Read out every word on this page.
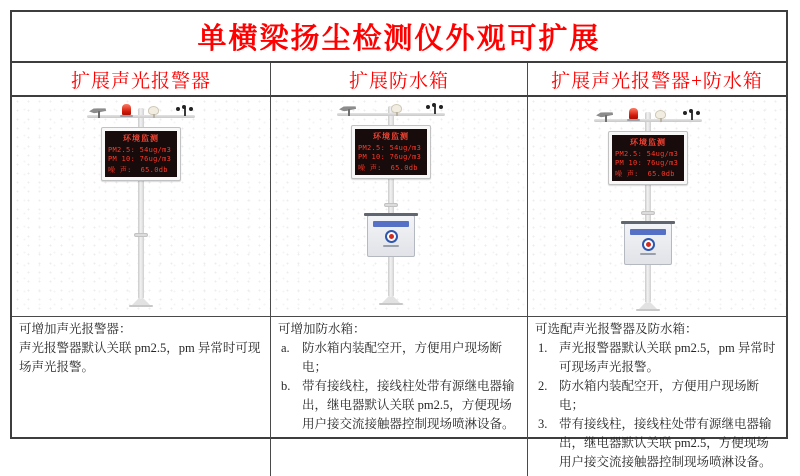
单横梁扬尘检测仪外观可扩展
扩展声光报警器	扩展防水箱	扩展声光报警器+防水箱
环境监测
PM2.5: 54ug/m3
PM 10: 76ug/m3
噪 声:  65.0db
环境监测
PM2.5: 54ug/m3
PM 10: 76ug/m3
噪 声:  65.0db
环境监测
PM2.5: 54ug/m3
PM 10: 76ug/m3
噪 声:  65.0db

可增加声光报警器：

声光报警器默认关联 pm2.5，pm 异常时可现场声光报警。

可增加防水箱：

a. 防水箱内装配空开，方便用户现场断电；
b. 带有接线柱，接线柱处带有源继电器输出，继电器默认关联 pm2.5，方便现场用户接交流接触器控制现场喷淋设备。

可选配声光报警器及防水箱：

1. 声光报警器默认关联 pm2.5，pm 异常时可现场声光报警。
2. 防水箱内装配空开，方便用户现场断电；
3. 带有接线柱，接线柱处带有源继电器输出，继电器默认关联 pm2.5，方便现场用户接交流接触器控制现场喷淋设备。
